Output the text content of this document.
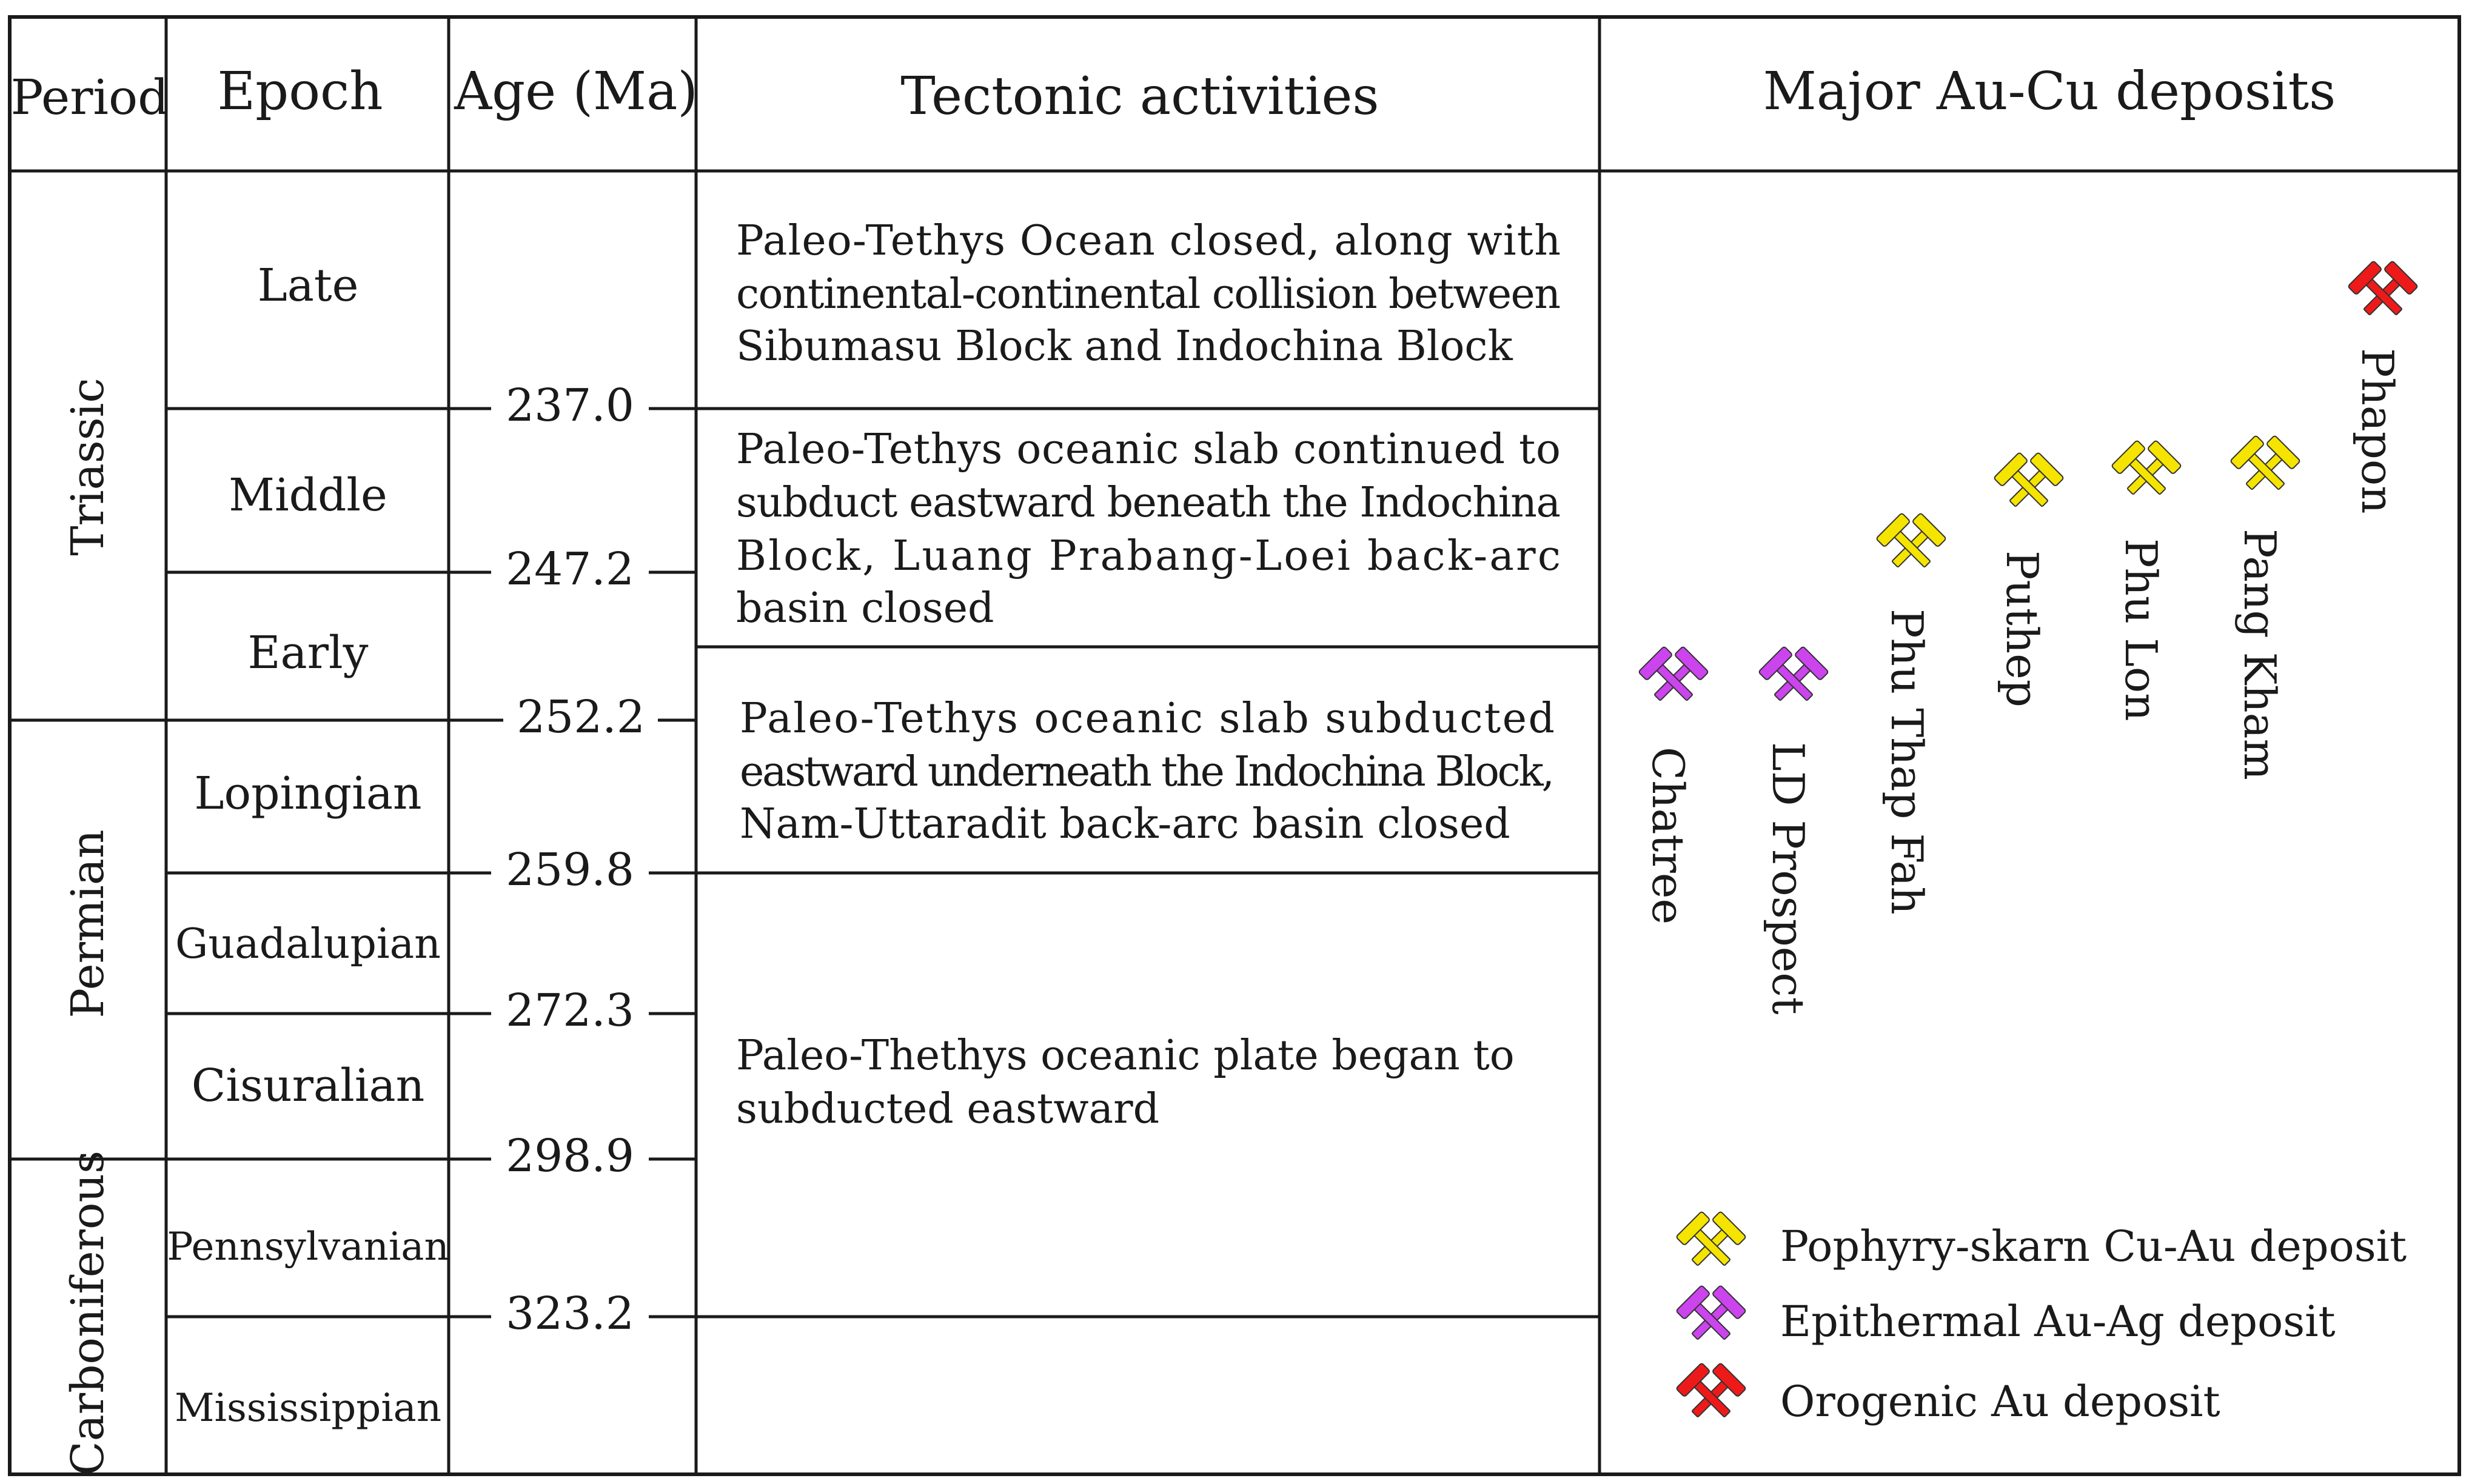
Period Epoch Age (Ma)	Tectonic activities	Major Au-Cu deposits
Triassic
Permian
Carboniferous
Late
Middle
Early
Lopingian
Guadalupian
Cisuralian
Pennsylvanian
Mississippian
237.0
247.2
252.2
259.8
272.3
298.9
323.2
Paleo-Tethys Ocean closed, along with
continental-continental collision between
Sibumasu Block and Indochina Block
Paleo-Tethys oceanic slab continued to
subduct eastward beneath the Indochina
Block, Luang Prabang-Loei back-arc
basin closed
Paleo-Tethys oceanic slab subducted
eastward underneath the Indochina Block,
Nam-Uttaradit back-arc basin closed
Paleo-Thethys oceanic plate began to
subducted eastward
Chatree LD Prospect Phu Thap Fah Puthep Phu Lon Pang Kham
Phapon
Pophyry-skarn Cu-Au deposit
Epithermal Au-Ag deposit
Orogenic Au deposit
